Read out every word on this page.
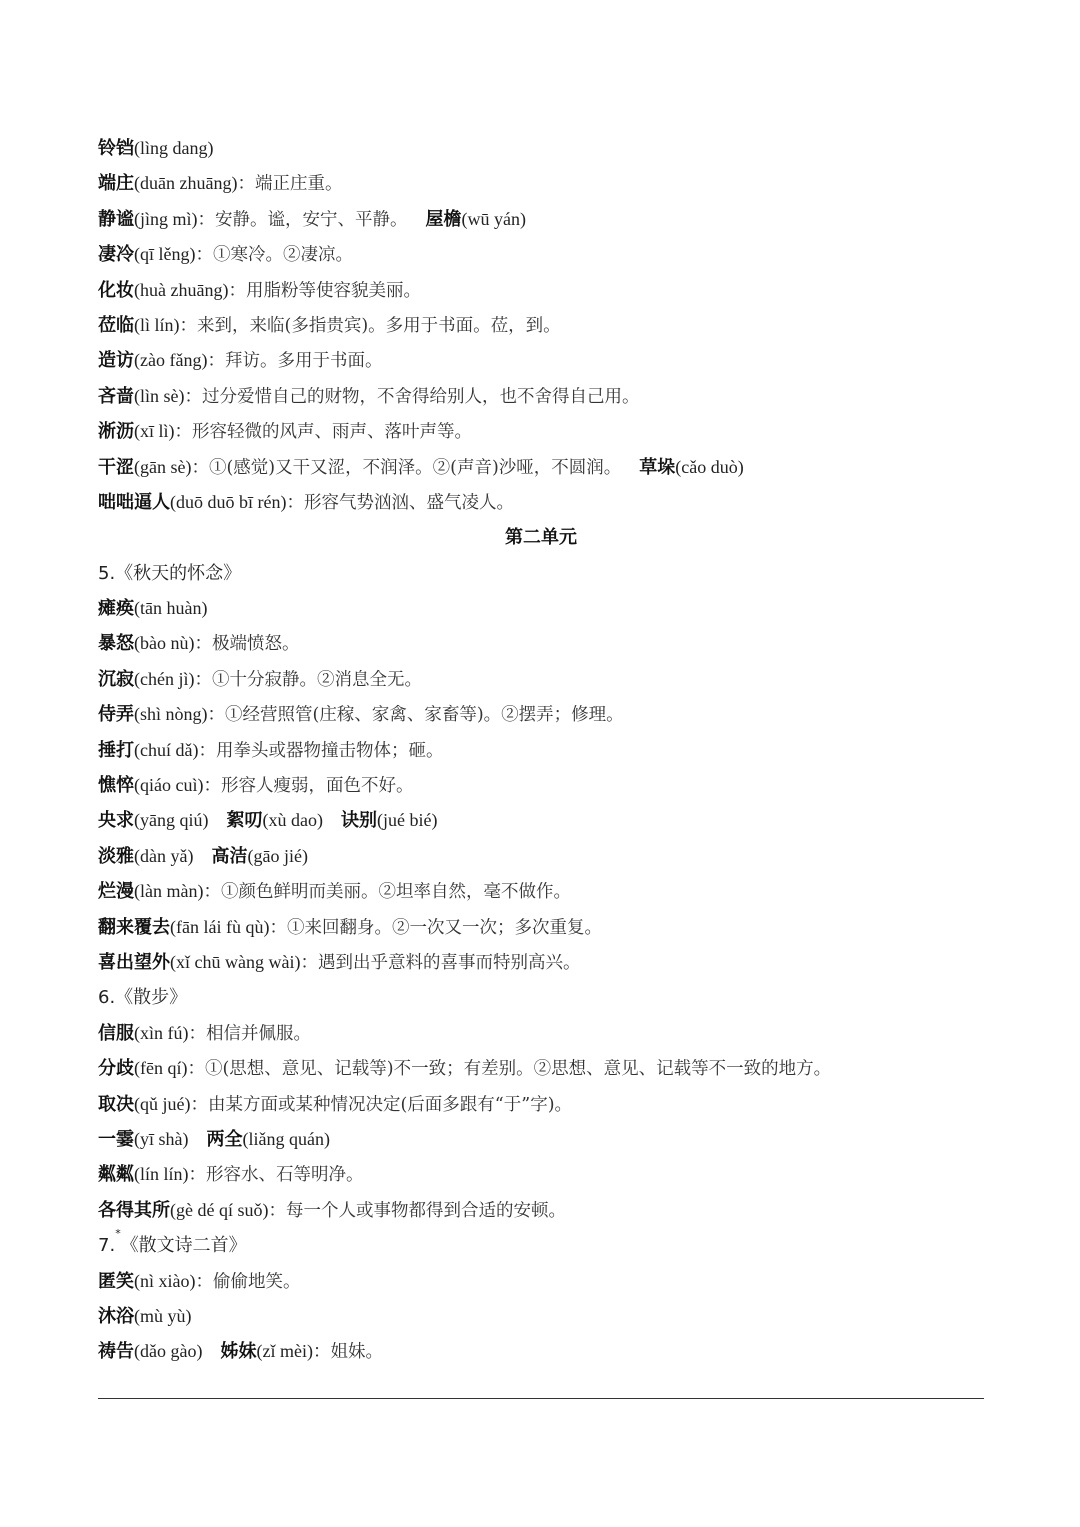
铃铛(lìng dang)
端庄(duān zhuāng)：端正庄重。
静谧(jìng mì)：安静。谧，安宁、平静。 屋檐(wū yán)
凄冷(qī lěng)：①寒冷。②凄凉。
化妆(huà zhuāng)：用脂粉等使容貌美丽。
莅临(lì lín)：来到，来临(多指贵宾)。多用于书面。莅，到。
造访(zào fǎng)：拜访。多用于书面。
吝啬(lìn sè)：过分爱惜自己的财物，不舍得给别人，也不舍得自己用。
淅沥(xī lì)：形容轻微的风声、雨声、落叶声等。
干涩(gān sè)：①(感觉)又干又涩，不润泽。②(声音)沙哑，不圆润。 草垛(cǎo duò)
咄咄逼人(duō duō bī rén)：形容气势汹汹、盛气凌人。
第二单元
5.《秋天的怀念》
瘫痪(tān huàn)
暴怒(bào nù)：极端愤怒。
沉寂(chén jì)：①十分寂静。②消息全无。
侍弄(shì nòng)：①经营照管(庄稼、家禽、家畜等)。②摆弄；修理。
捶打(chuí dǎ)：用拳头或器物撞击物体；砸。
憔悴(qiáo cuì)：形容人瘦弱，面色不好。
央求(yāng qiú) 絮叨(xù dao) 诀别(jué bié)
淡雅(dàn yǎ) 高洁(gāo jié)
烂漫(làn màn)：①颜色鲜明而美丽。②坦率自然，毫不做作。
翻来覆去(fān lái fù qù)：①来回翻身。②一次又一次；多次重复。
喜出望外(xǐ chū wàng wài)：遇到出乎意料的喜事而特别高兴。
6.《散步》
信服(xìn fú)：相信并佩服。
分歧(fēn qí)：①(思想、意见、记载等)不一致；有差别。②思想、意见、记载等不一致的地方。
取决(qǔ jué)：由某方面或某种情况决定(后面多跟有“于”字)。
一霎(yī shà) 两全(liǎng quán)
粼粼(lín lín)：形容水、石等明净。
各得其所(gè dé qí suǒ)：每一个人或事物都得到合适的安顿。
7.*《散文诗二首》
匿笑(nì xiào)：偷偷地笑。
沐浴(mù yù)
祷告(dǎo gào) 姊妹(zǐ mèi)：姐妹。
